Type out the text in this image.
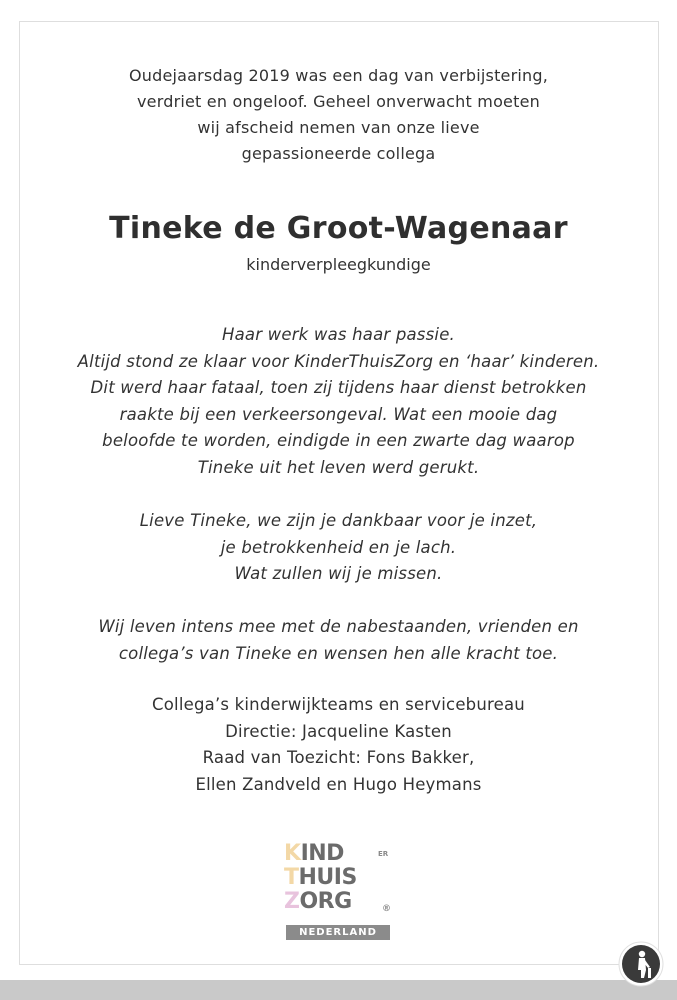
Oudejaarsdag 2019 was een dag van verbijstering,
verdriet en ongeloof. Geheel onverwacht moeten
wij afscheid nemen van onze lieve
gepassioneerde collega
Tineke de Groot-Wagenaar
kinderverpleegkundige
Haar werk was haar passie.
Altijd stond ze klaar voor KinderThuisZorg en ‘haar’ kinderen.
Dit werd haar fataal, toen zij tijdens haar dienst betrokken
raakte bij een verkeersongeval. Wat een mooie dag
beloofde te worden, eindigde in een zwarte dag waarop
Tineke uit het leven werd gerukt.
Lieve Tineke, we zijn je dankbaar voor je inzet,
je betrokkenheid en je lach.
Wat zullen wij je missen.
Wij leven intens mee met de nabestaanden, vrienden en
collega’s van Tineke en wensen hen alle kracht toe.
Collega’s kinderwijkteams en servicebureau
Directie: Jacqueline Kasten
Raad van Toezicht: Fons Bakker,
Ellen Zandveld en Hugo Heymans
KIND
THUIS
ZORG
ER
®
NEDERLAND
